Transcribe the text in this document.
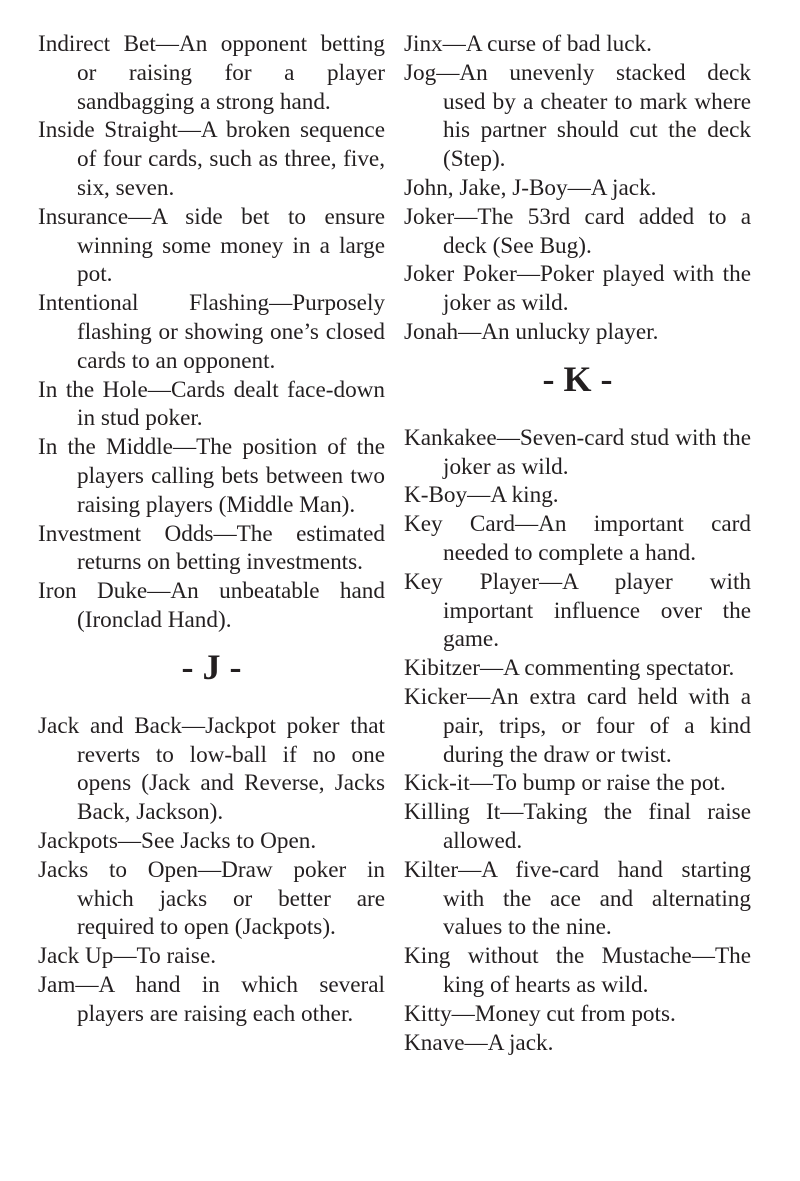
Indirect Bet—An opponent betting or raising for a player sandbagging a strong hand.

Inside Straight—A broken sequence of four cards, such as three, five, six, seven.

Insurance—A side bet to ensure winning some money in a large pot.

Intentional Flashing—Purposely flashing or showing one’s closed cards to an opponent.

In the Hole—Cards dealt face-down in stud poker.

In the Middle—The position of the players calling bets between two raising players (Middle Man).

Investment Odds—The estimated returns on betting investments.

Iron Duke—An unbeatable hand (Ironclad Hand).

- J -

Jack and Back—Jackpot poker that reverts to low-ball if no one opens (Jack and Reverse, Jacks Back, Jackson).

Jackpots—See Jacks to Open.

Jacks to Open—Draw poker in which jacks or better are required to open (Jackpots).

Jack Up—To raise.

Jam—A hand in which several players are raising each other.

Jinx—A curse of bad luck.

Jog—An unevenly stacked deck used by a cheater to mark where his partner should cut the deck (Step).

John, Jake, J-Boy—A jack.

Joker—The 53rd card added to a deck (See Bug).

Joker Poker—Poker played with the joker as wild.

Jonah—An unlucky player.

- K -

Kankakee—Seven-card stud with the joker as wild.

K-Boy—A king.

Key Card—An important card needed to complete a hand.

Key Player—A player with important influence over the game.

Kibitzer—A commenting spectator.

Kicker—An extra card held with a pair, trips, or four of a kind during the draw or twist.

Kick-it—To bump or raise the pot.

Killing It—Taking the final raise allowed.

Kilter—A five-card hand starting with the ace and alternating values to the nine.

King without the Mustache—The king of hearts as wild.

Kitty—Money cut from pots.

Knave—A jack.
